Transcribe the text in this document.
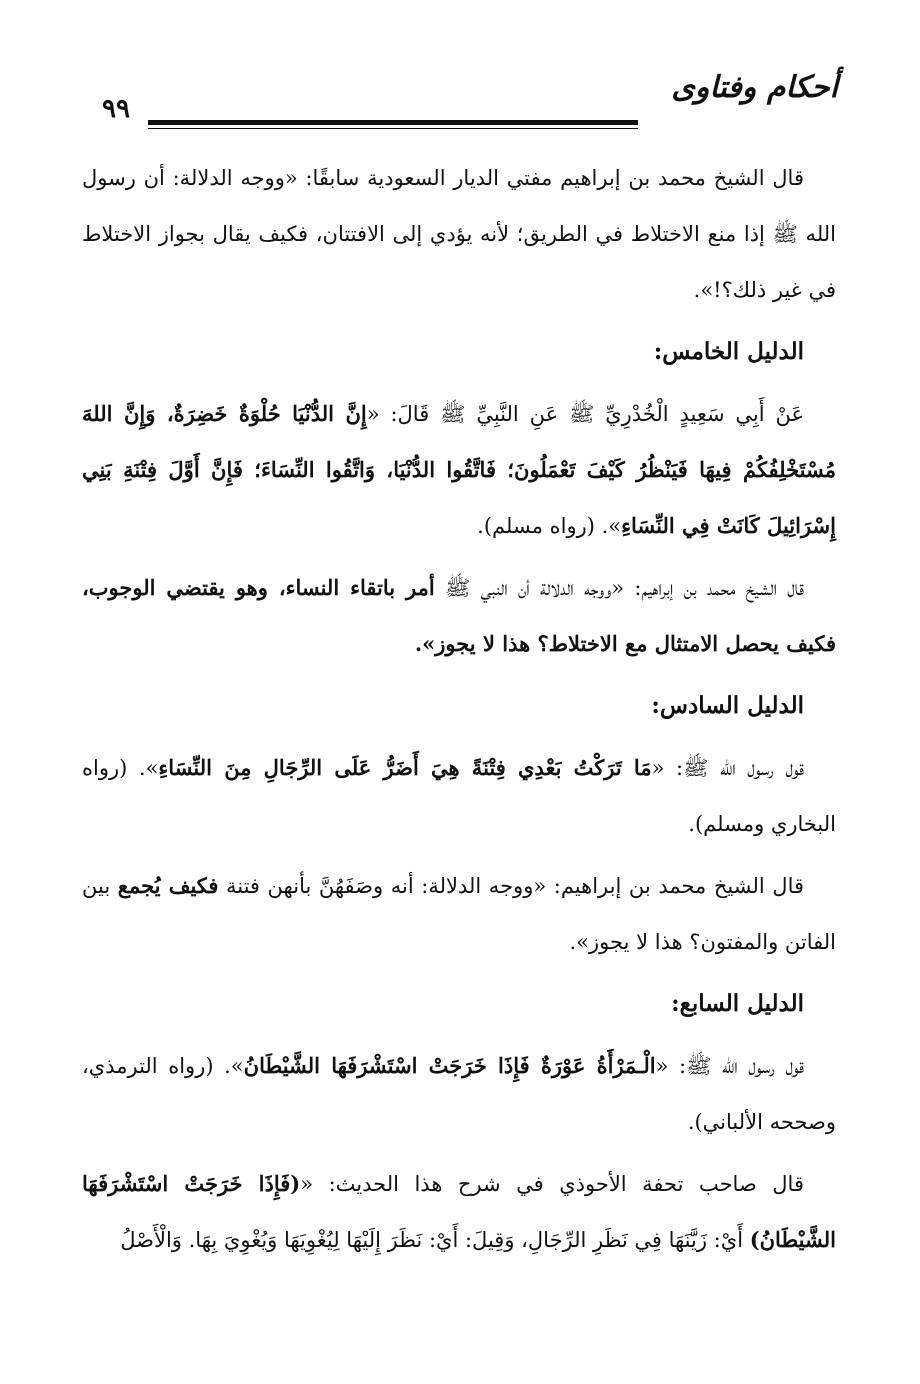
٩٩
أحكام وفتاوى

قال الشيخ محمد بن إبراهيم مفتي الديار السعودية سابقًا: «ووجه الدلالة: أن رسول الله ﷺ إذا منع الاختلاط في الطريق؛ لأنه يؤدي إلى الافتتان، فكيف يقال بجواز الاختلاط في غير ذلك؟!».

الدليل الخامس:

عَنْ أَبِي سَعِيدٍ الْخُدْرِيِّ ﷺ عَنِ النَّبِيِّ ﷺ قَالَ: «إِنَّ الدُّنْيَا حُلْوَةٌ خَضِرَةٌ، وَإِنَّ اللهَ مُسْتَخْلِفُكُمْ فِيهَا فَيَنْظُرُ كَيْفَ تَعْمَلُونَ؛ فَاتَّقُوا الدُّنْيَا، وَاتَّقُوا النِّسَاءَ؛ فَإِنَّ أَوَّلَ فِتْنَةِ بَنِي إِسْرَائِيلَ كَانَتْ فِي النِّسَاءِ». (رواه مسلم).

قال الشيخ محمد بن إبراهيم: «ووجه الدلالة أن النبي ﷺ أمر باتقاء النساء، وهو يقتضي الوجوب، فكيف يحصل الامتثال مع الاختلاط؟ هذا لا يجوز».

الدليل السادس:

قول رسول الله ﷺ: «مَا تَرَكْتُ بَعْدِي فِتْنَةً هِيَ أَضَرُّ عَلَى الرِّجَالِ مِنَ النِّسَاءِ». (رواه البخاري ومسلم).

قال الشيخ محمد بن إبراهيم: «ووجه الدلالة: أنه وصَفَهُنَّ بأنهن فتنة فكيف يُجمع بين الفاتن والمفتون؟ هذا لا يجوز».

الدليل السابع:

قول رسول الله ﷺ: «الْـمَرْأَةُ عَوْرَةٌ فَإِذَا خَرَجَتْ اسْتَشْرَفَهَا الشَّيْطَانُ». (رواه الترمذي، وصححه الألباني).

قال صاحب تحفة الأحوذي في شرح هذا الحديث: «(فَإِذَا خَرَجَتْ اسْتَشْرَفَهَا الشَّيْطَانُ) أَيْ: زَيَّنَهَا فِي نَظَرِ الرِّجَالِ، وَقِيلَ: أَيْ: نَظَرَ إِلَيْهَا لِيُغْوِيَهَا وَيُغْوِيَ بِهَا. وَالْأَصْلُ
